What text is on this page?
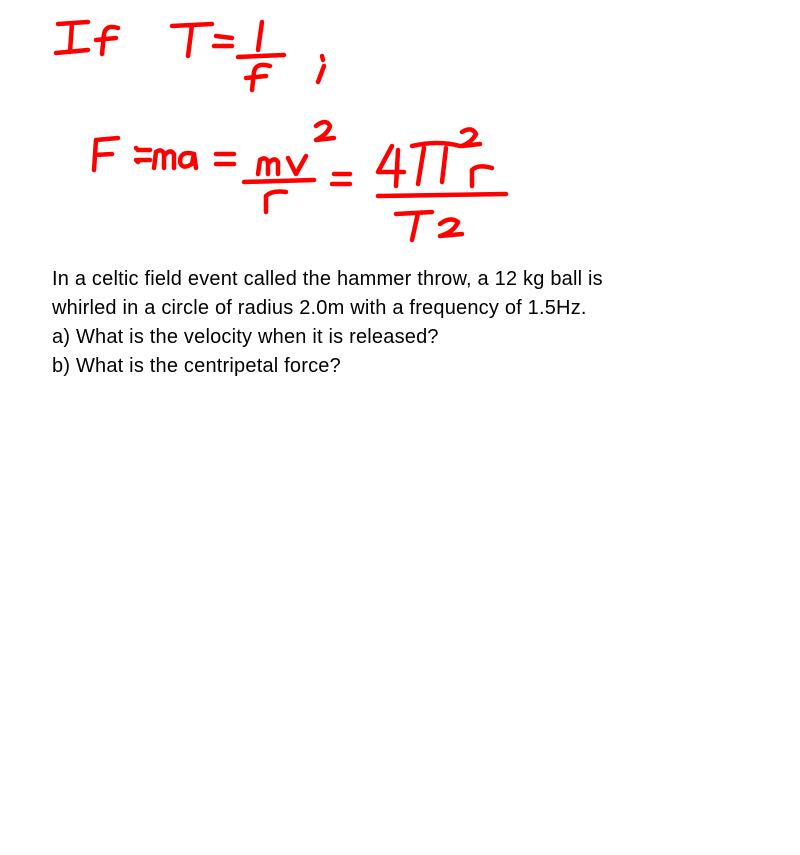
In a celtic field event called the hammer throw, a 12 kg ball is
whirled in a circle of radius 2.0m with a frequency of 1.5Hz.
a) What is the velocity when it is released?
b) What is the centripetal force?
